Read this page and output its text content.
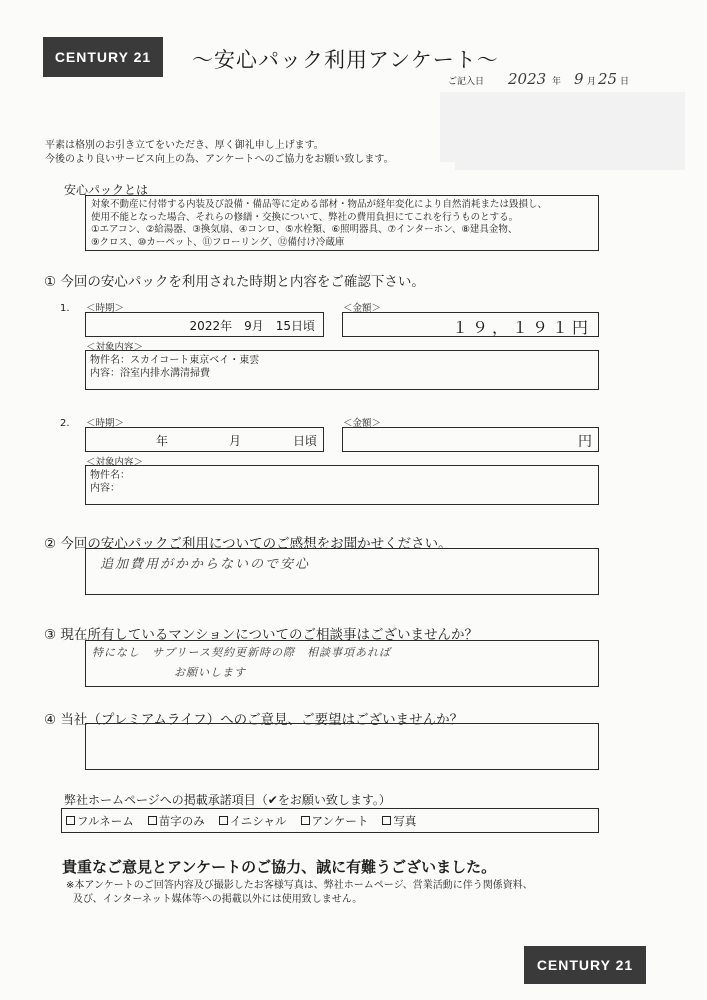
CENTURY 21	〜安心パック利用アンケート〜
ご記入日 2023 年 9 月 25 日
平素は格別のお引き立てをいただき、厚く御礼申し上げます。
今後のより良いサービス向上の為、アンケートへのご協力をお願い致します。
安心パックとは
対象不動産に付帯する内装及び設備・備品等に定める部材・物品が経年変化により自然消耗または毀損し、
使用不能となった場合、それらの修繕・交換について、弊社の費用負担にてこれを行うものとする。
①エアコン、②給湯器、③換気扇、④コンロ、⑤水栓類、⑥照明器具、⑦インターホン、⑧建具金物、
⑨クロス、⑩カーペット、⑪フローリング、⑫備付け冷蔵庫
① 今回の安心パックを利用された時期と内容をご確認下さい。
1. ＜時期＞
2022年　9月　15日頃
＜金額＞
１９，１９１円
＜対象内容＞
物件名：スカイコート東京ベイ・東雲
内容：浴室内排水溝清掃費
2. ＜時期＞
年	月	日頃
＜金額＞
円
＜対象内容＞
物件名：
内容：
② 今回の安心パックご利用についてのご感想をお聞かせください。
追加費用がかからないので安心
③ 現在所有しているマンションについてのご相談事はございませんか？
特になし　サブリース契約更新時の際　相談事項あれば
お願いします
④ 当社（プレミアムライフ）へのご意見、ご要望はございませんか？
弊社ホームページへの掲載承諾項目（✔をお願い致します。）
フルネーム 苗字のみ イニシャル アンケート 写真
貴重なご意見とアンケートのご協力、誠に有難うございました。
※本アンケートのご回答内容及び撮影したお客様写真は、弊社ホームページ、営業活動に伴う関係資料、
及び、インターネット媒体等への掲載以外には使用致しません。
CENTURY 21
